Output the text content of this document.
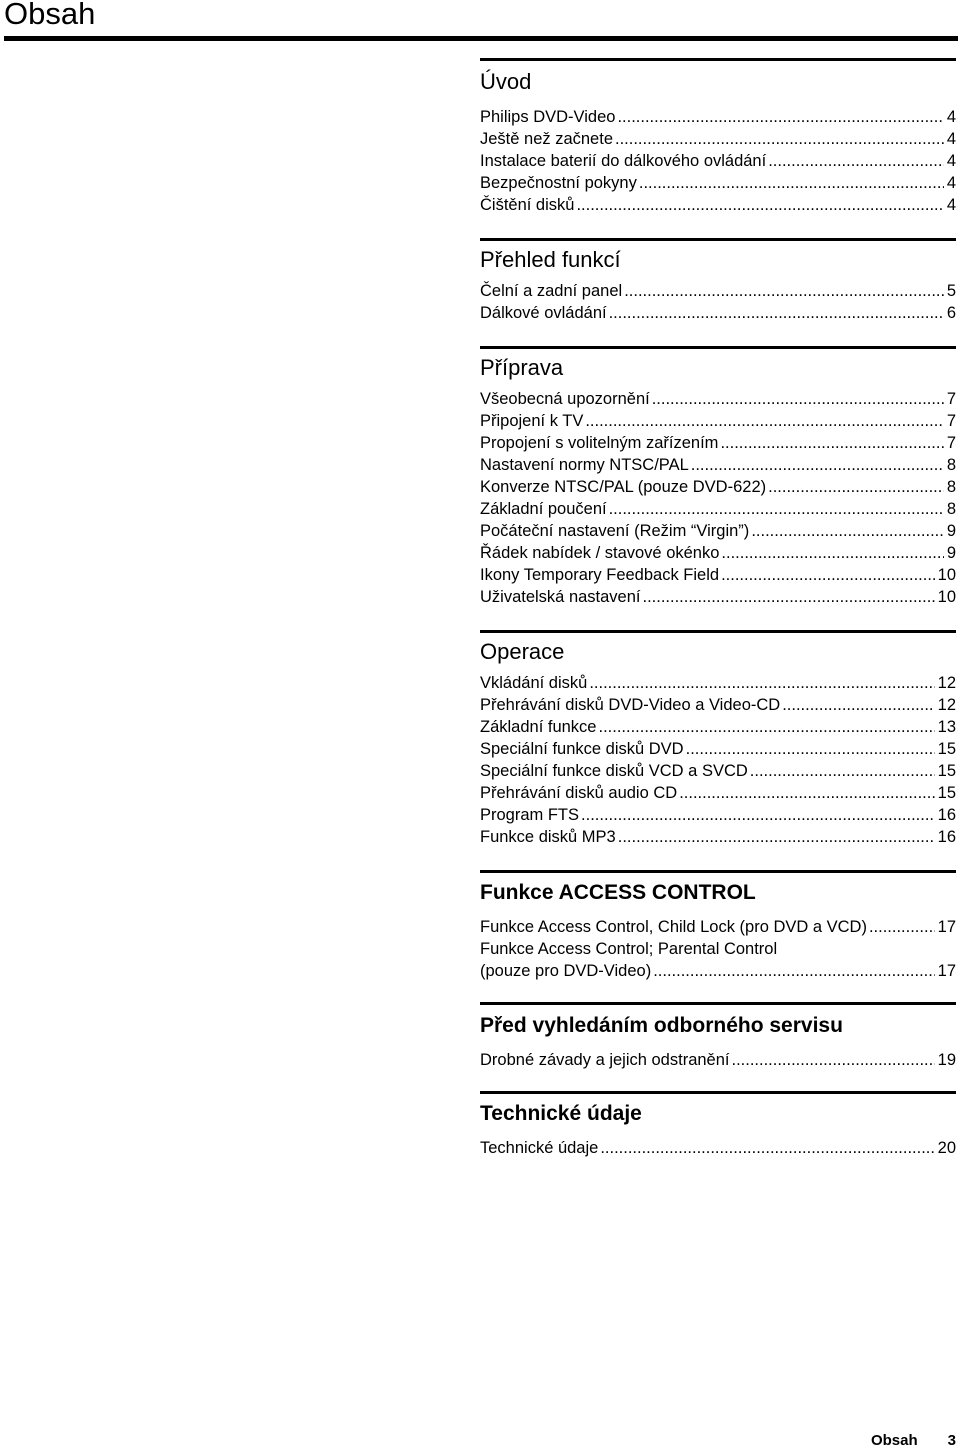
Obsah
Úvod
Philips DVD-Video .....	4
Ještě než začnete .....	4
Instalace baterií do dálkového ovládání .....	4
Bezpečnostní pokyny .....	4
Čištění disků .....	4
Přehled funkcí
Čelní a zadní panel .....	5
Dálkové ovládání .....	6
Příprava
Všeobecná upozornění .....	7
Připojení k TV .....	7
Propojení s volitelným zařízením .....	7
Nastavení normy NTSC/PAL .....	8
Konverze NTSC/PAL (pouze DVD-622) .....	8
Základní poučení .....	8
Počáteční nastavení (Režim “Virgin”) .....	9
Řádek nabídek / stavové okénko .....	9
Ikony Temporary Feedback Field .....	10
Uživatelská nastavení .....	10
Operace
Vkládání disků .....	12
Přehrávání disků DVD-Video a Video-CD .....	12
Základní funkce .....	13
Speciální funkce disků DVD .....	15
Speciální funkce disků VCD a SVCD .....	15
Přehrávání disků audio CD .....	15
Program FTS .....	16
Funkce disků MP3 .....	16
Funkce ACCESS CONTROL
Funkce Access Control, Child Lock (pro DVD a VCD) .....	17
Funkce Access Control; Parental Control
(pouze pro DVD-Video) .....	17
Před vyhledáním odborného servisu
Drobné závady a jejich odstranění .....	19
Technické údaje
Technické údaje .....	20
Obsah 3
